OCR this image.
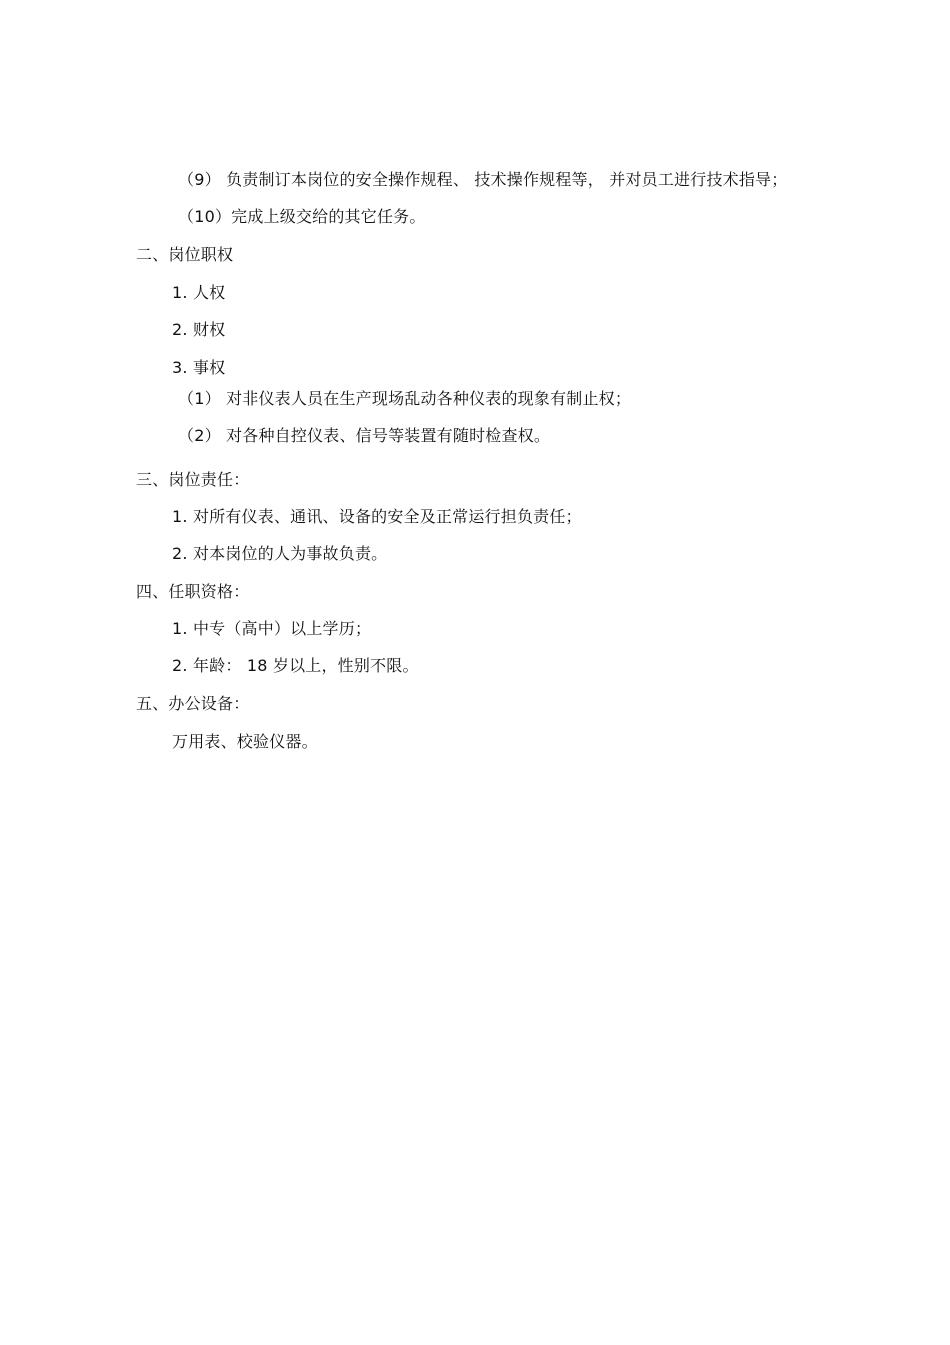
（9） 负责制订本岗位的安全操作规程、 技术操作规程等， 并对员工进行技术指导；
（10）完成上级交给的其它任务。
二、岗位职权
1. 人权
2. 财权
3. 事权
（1） 对非仪表人员在生产现场乱动各种仪表的现象有制止权；
（2） 对各种自控仪表、信号等装置有随时检查权。
三、岗位责任：
1. 对所有仪表、通讯、设备的安全及正常运行担负责任；
2. 对本岗位的人为事故负责。
四、任职资格：
1. 中专（高中）以上学历；
2. 年龄： 18 岁以上，性别不限。
五、办公设备：
万用表、校验仪器。
